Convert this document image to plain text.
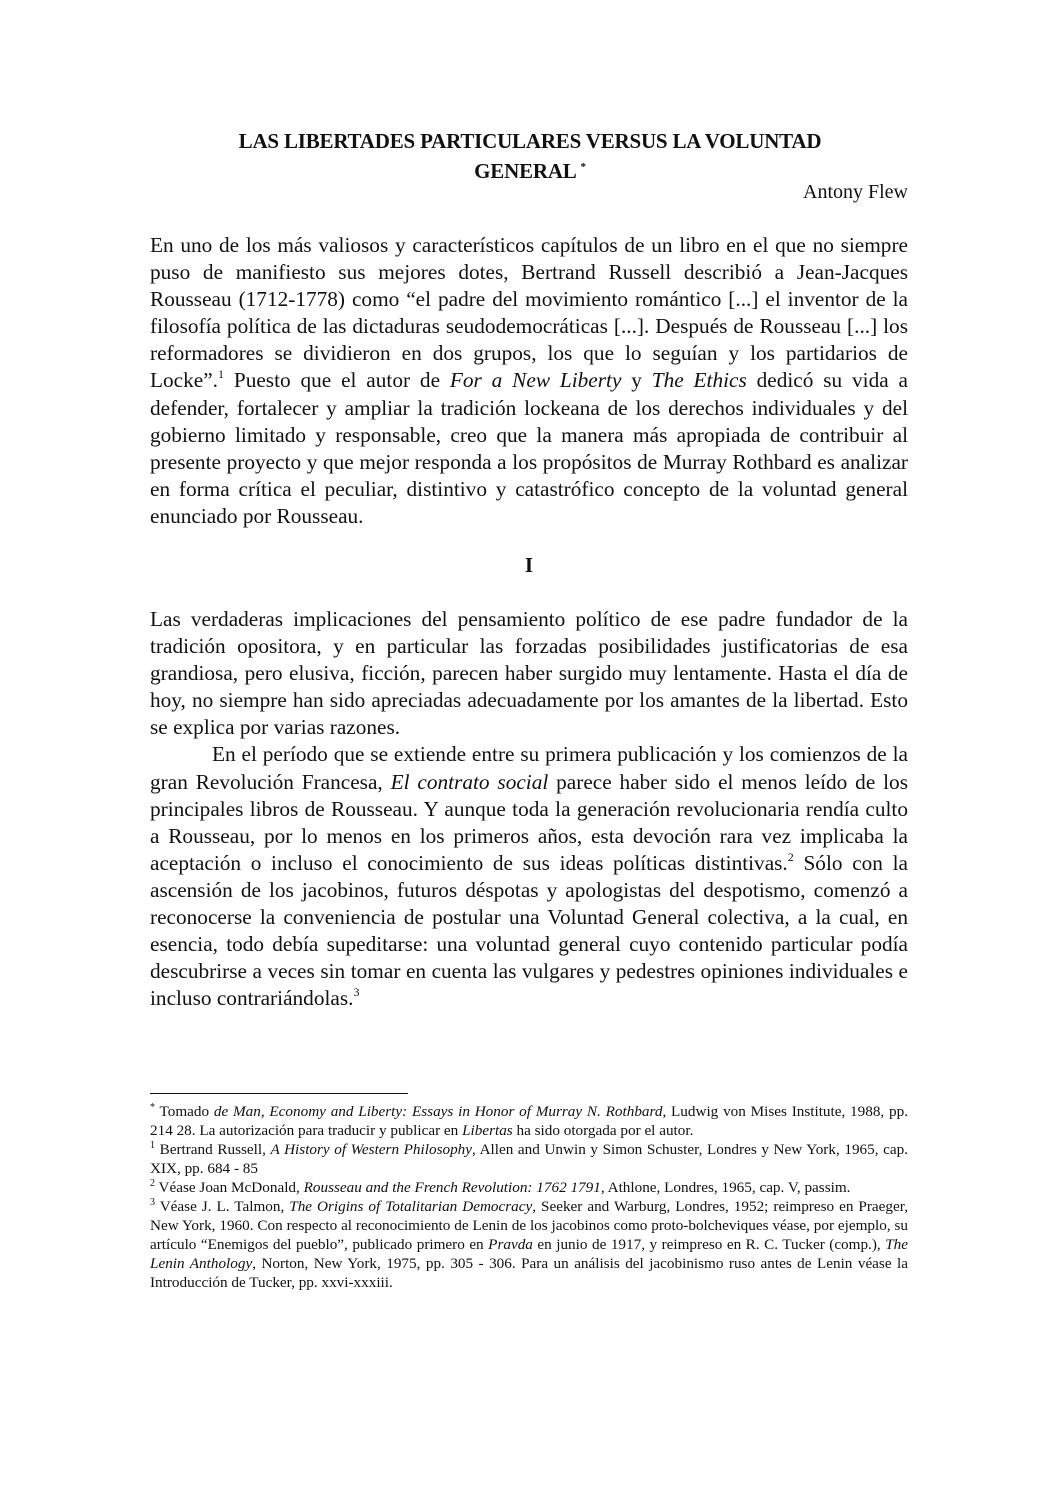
LAS LIBERTADES PARTICULARES VERSUS LA VOLUNTAD
GENERAL *
Antony Flew

En uno de los más valiosos y característicos capítulos de un libro en el que no siempre puso de manifiesto sus mejores dotes, Bertrand Russell describió a Jean-Jacques Rousseau (1712-1778) como “el padre del movimiento romántico [...] el inventor de la filosofía política de las dictaduras seudodemocráticas [...]. Después de Rousseau [...] los reformadores se dividieron en dos grupos, los que lo seguían y los partidarios de Locke”.$^1$ Puesto que el autor de For a New Liberty y The Ethics dedicó su vida a defender, fortalecer y ampliar la tradición lockeana de los derechos individuales y del gobierno limitado y responsable, creo que la manera más apropiada de contribuir al presente proyecto y que mejor responda a los propósitos de Murray Rothbard es analizar en forma crítica el peculiar, distintivo y catastrófico concepto de la voluntad general enunciado por Rousseau.

I

Las verdaderas implicaciones del pensamiento político de ese padre fundador de la tradición opositora, y en particular las forzadas posibilidades justificatorias de esa grandiosa, pero elusiva, ficción, parecen haber surgido muy lentamente. Hasta el día de hoy, no siempre han sido apreciadas adecuadamente por los amantes de la libertad. Esto se explica por varias razones.

En el período que se extiende entre su primera publicación y los comienzos de la gran Revolución Francesa, El contrato social parece haber sido el menos leído de los principales libros de Rousseau. Y aunque toda la generación revolucionaria rendía culto a Rousseau, por lo menos en los primeros años, esta devoción rara vez implicaba la aceptación o incluso el conocimiento de sus ideas políticas distintivas.$^2$ Sólo con la ascensión de los jacobinos, futuros déspotas y apologistas del despotismo, comenzó a reconocerse la conveniencia de postular una Voluntad General colectiva, a la cual, en esencia, todo debía supeditarse: una voluntad general cuyo contenido particular podía descubrirse a veces sin tomar en cuenta las vulgares y pedestres opiniones individuales e incluso contrariándolas.$^3$

* Tomado de Man, Economy and Liberty: Essays in Honor of Murray N. Rothbard, Ludwig von Mises Institute, 1988, pp. 214 28. La autorización para traducir y publicar en Libertas ha sido otorgada por el autor.

$^1$ Bertrand Russell, A History of Western Philosophy, Allen and Unwin y Simon Schuster, Londres y New York, 1965, cap. XIX, pp. 684 - 85

$^2$ Véase Joan McDonald, Rousseau and the French Revolution: 1762 1791, Athlone, Londres, 1965, cap. V, passim.

$^3$ Véase J. L. Talmon, The Origins of Totalitarian Democracy, Seeker and Warburg, Londres, 1952; reimpreso en Praeger, New York, 1960. Con respecto al reconocimiento de Lenin de los jacobinos como proto-bolcheviques véase, por ejemplo, su artículo “Enemigos del pueblo”, publicado primero en Pravda en junio de 1917, y reimpreso en R. C. Tucker (comp.), The Lenin Anthology, Norton, New York, 1975, pp. 305 - 306. Para un análisis del jacobinismo ruso antes de Lenin véase la Introducción de Tucker, pp. xxvi-xxxiii.
